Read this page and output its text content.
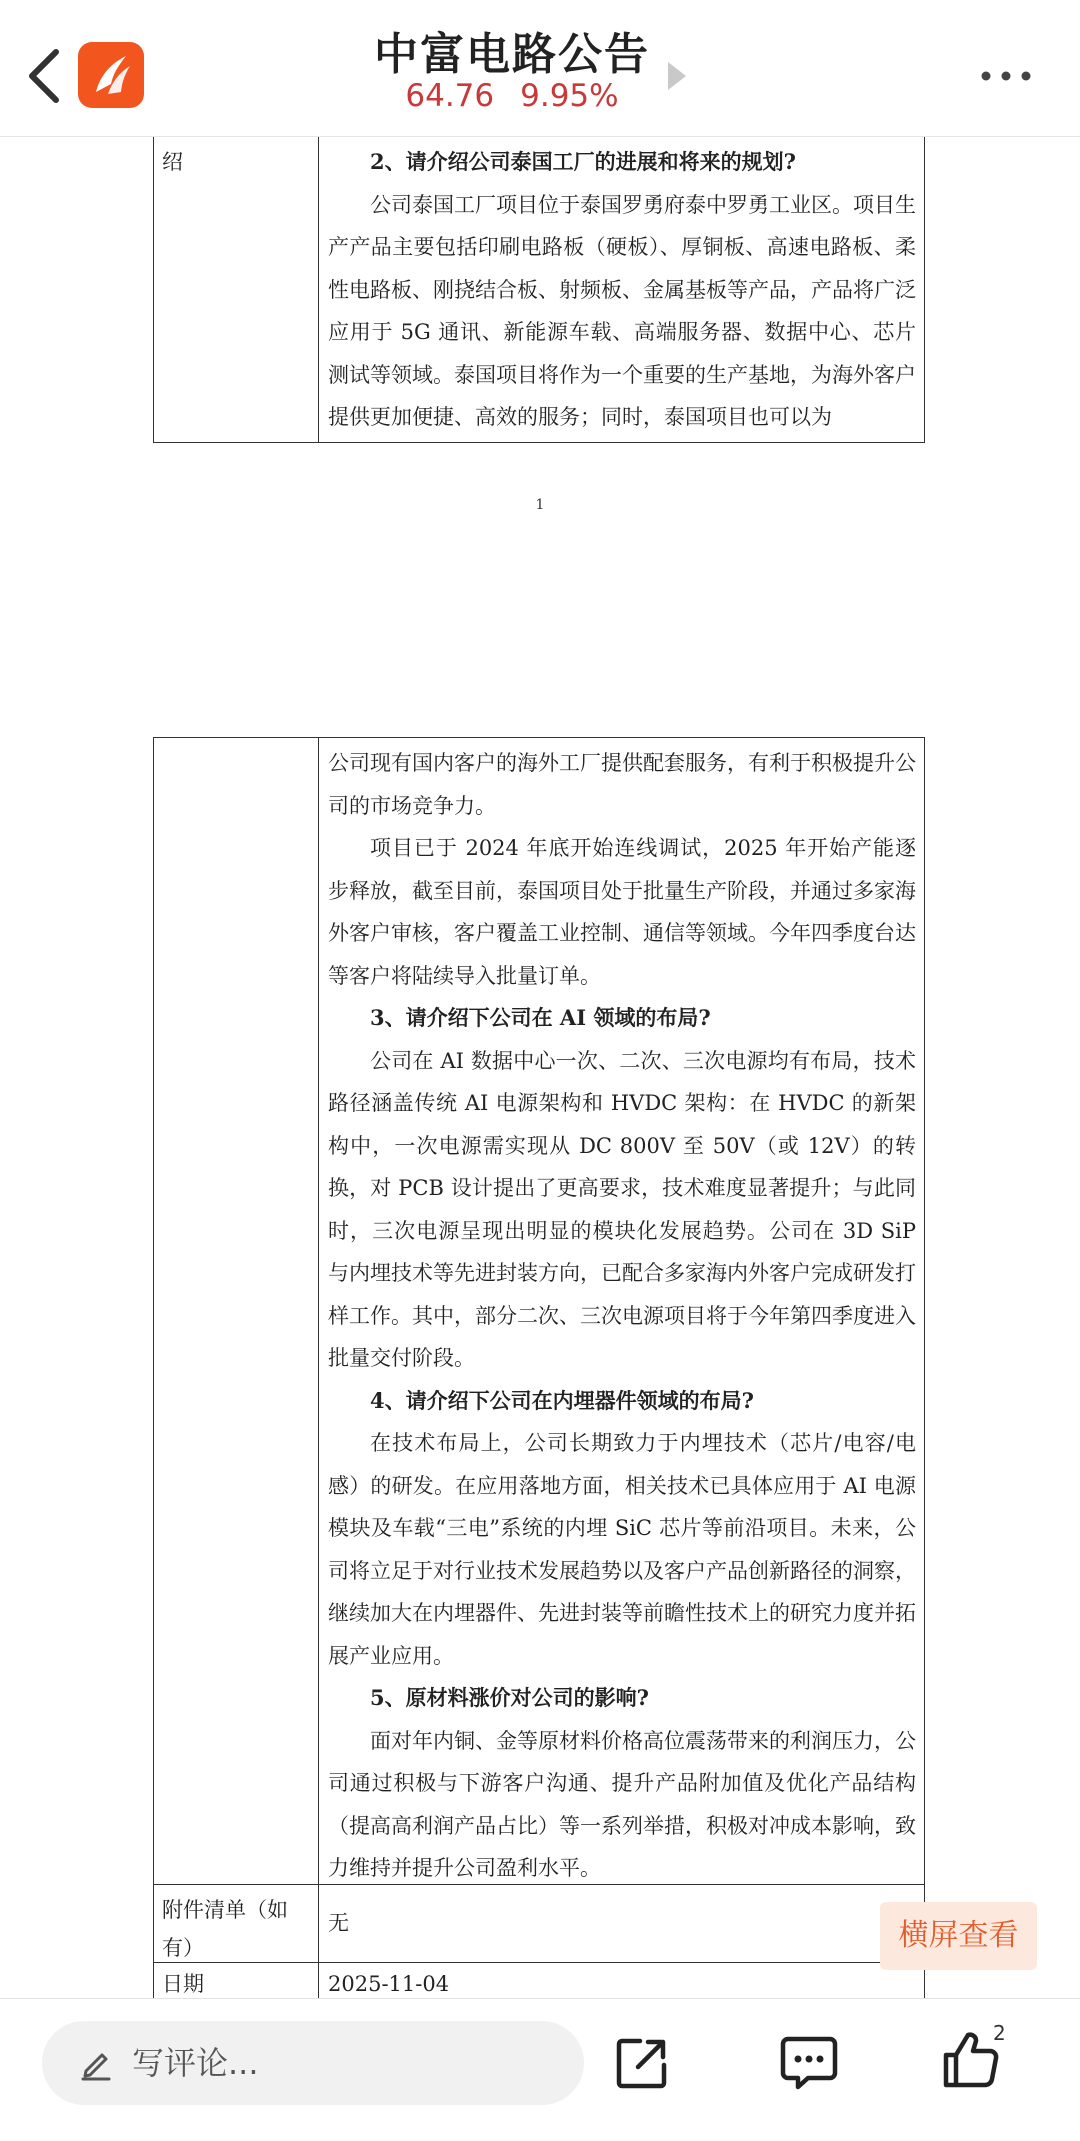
中富电路公告
64.76 9.95%
绍	2、请介绍公司泰国工厂的进展和将来的规划?

公司泰国工厂项目位于泰国罗勇府泰中罗勇工业区。项目生产产品主要包括印刷电路板（硬板）、厚铜板、高速电路板、柔性电路板、刚挠结合板、射频板、金属基板等产品，产品将广泛应用于 5G 通讯、新能源车载、高端服务器、数据中心、芯片测试等领域。泰国项目将作为一个重要的生产基地，为海外客户提供更加便捷、高效的服务；同时，泰国项目也可以为

1

公司现有国内客户的海外工厂提供配套服务，有利于积极提升公司的市场竞争力。

项目已于 2024 年底开始连线调试，2025 年开始产能逐步释放，截至目前，泰国项目处于批量生产阶段，并通过多家海外客户审核，客户覆盖工业控制、通信等领域。今年四季度台达等客户将陆续导入批量订单。

3、请介绍下公司在 AI 领域的布局?

公司在 AI 数据中心一次、二次、三次电源均有布局，技术路径涵盖传统 AI 电源架构和 HVDC 架构：在 HVDC 的新架构中，一次电源需实现从 DC 800V 至 50V（或 12V）的转换，对 PCB 设计提出了更高要求，技术难度显著提升；与此同时，三次电源呈现出明显的模块化发展趋势。公司在 3D SiP 与内埋技术等先进封装方向，已配合多家海内外客户完成研发打样工作。其中，部分二次、三次电源项目将于今年第四季度进入批量交付阶段。

4、请介绍下公司在内埋器件领域的布局?

在技术布局上，公司长期致力于内埋技术（芯片/电容/电感）的研发。在应用落地方面，相关技术已具体应用于 AI 电源模块及车载“三电”系统的内埋 SiC 芯片等前沿项目。未来，公司将立足于对行业技术发展趋势以及客户产品创新路径的洞察，继续加大在内埋器件、先进封装等前瞻性技术上的研究力度并拓展产业应用。

5、原材料涨价对公司的影响?

面对年内铜、金等原材料价格高位震荡带来的利润压力，公司通过积极与下游客户沟通、提升产品附加值及优化产品结构（提高高利润产品占比）等一系列举措，积极对冲成本影响，致力维持并提升公司盈利水平。

附件清单（如有）
无
日期	2025-11-04
横屏查看
写评论...
2
